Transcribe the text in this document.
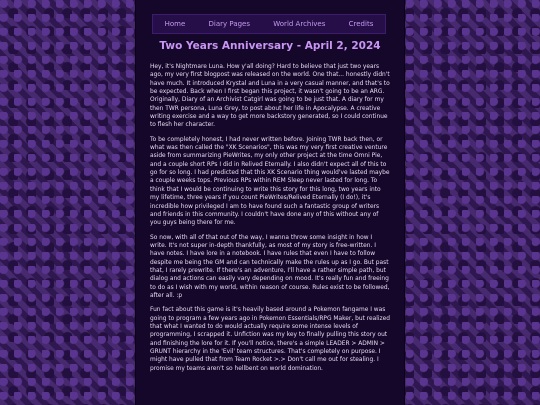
Home	Diary Pages	World Archives	Credits
Two Years Anniversary - April 2, 2024

Hey, it's Nightmare Luna. How y'all doing? Hard to believe that just two years ago, my very first blogpost was released on the world. One that... honestly didn't have much. It introduced Krystal and Luna in a very casual manner, and that's to be expected. Back when I first began this project, it wasn't going to be an ARG. Originally, Diary of an Archivist Catgirl was going to be just that. A diary for my then TWR persona, Luna Grey, to post about her life in Apocalypse. A creative writing exercise and a way to get more backstory generated, so I could continue to flesh her character.

To be completely honest, I had never written before. Joining TWR back then, or what was then called the "XK Scenarios", this was my very first creative venture aside from summarizing PieWrites, my only other project at the time Omni Pie, and a couple short RPs I did in Relived Eternally. I also didn't expect all of this to go for so long. I had predicted that this XK Scenario thing would've lasted maybe a couple weeks tops. Previous RPs within REM Sleep never lasted for long. To think that I would be continuing to write this story for this long, two years into my lifetime, three years if you count PieWrites/Relived Eternally (I do!), it's incredible how privileged I am to have found such a fantastic group of writers and friends in this community. I couldn't have done any of this without any of you guys being there for me.

So now, with all of that out of the way, I wanna throw some insight in how I write. It's not super in-depth thankfully, as most of my story is free-written. I have notes. I have lore in a notebook. I have rules that even I have to follow despite me being the GM and can technically make the rules up as I go. But past that, I rarely prewrite. If there's an adventure, I'll have a rather simple path, but dialog and actions can easily vary depending on mood. It's really fun and freeing to do as I wish with my world, within reason of course. Rules exist to be followed, after all. :p

Fun fact about this game is it's heavily based around a Pokemon fangame I was going to program a few years ago in Pokemon Essentials/RPG Maker, but realized that what I wanted to do would actually require some intense levels of programming, I scrapped it. Unfiction was my key to finally pulling this story out and finishing the lore for it. If you'll notice, there's a simple LEADER > ADMIN > GRUNT hierarchy in the 'Evil' team structures. That's completely on purpose. I might have pulled that from Team Rocket >.> Don't call me out for stealing. I promise my teams aren't so hellbent on world domination.
